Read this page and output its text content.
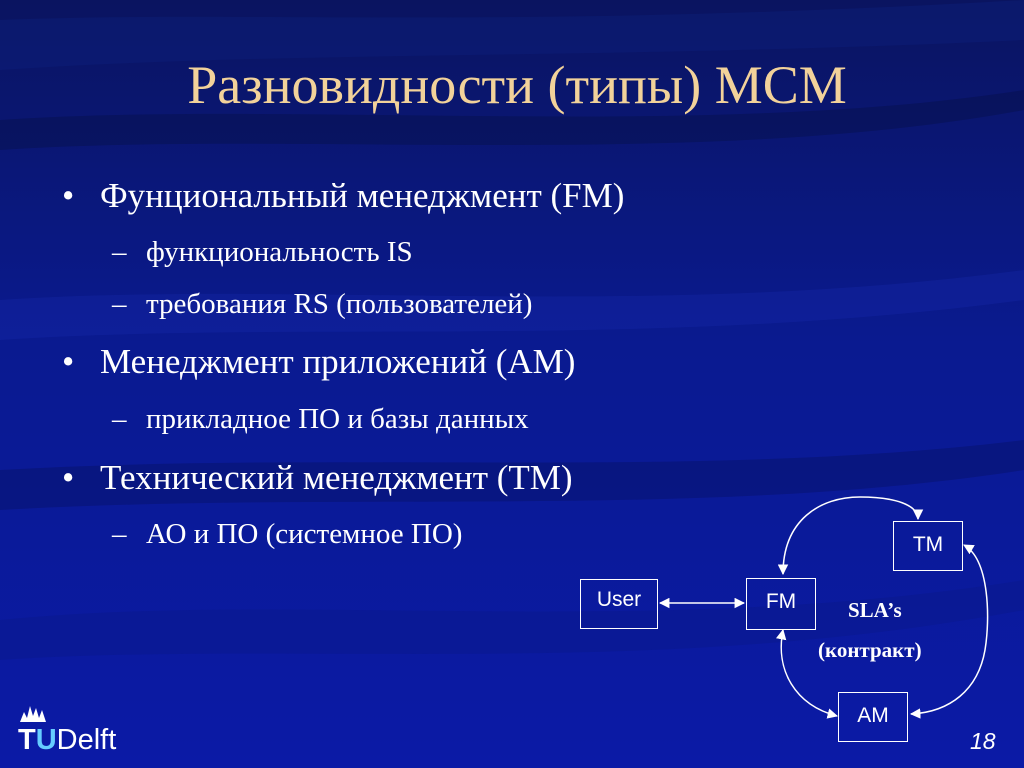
Разновидности (типы) МСМ
• Фунциональный менеджмент (FM)
– функциональность IS
– требования RS (пользователей)
• Менеджмент приложений (AM)
– прикладное ПО и базы данных
• Технический менеджмент (TM)
– АО и ПО (системное ПО)
User	FM
TM
AM
SLA’s
(контракт)
TUDelft	18
